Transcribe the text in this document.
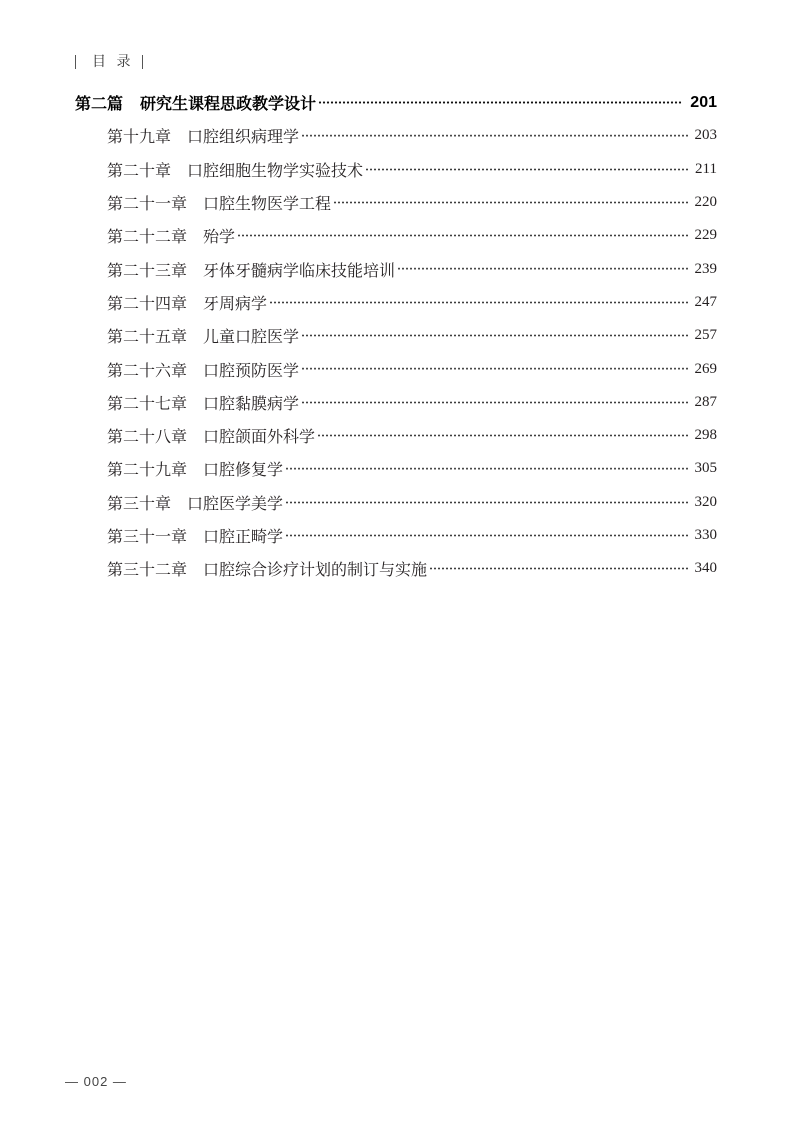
目 录
第二篇 研究生课程思政教学设计	201
第十九章 口腔组织病理学	203
第二十章 口腔细胞生物学实验技术	211
第二十一章 口腔生物医学工程	220
第二十二章 殆学	229
第二十三章 牙体牙髓病学临床技能培训	239
第二十四章 牙周病学	247
第二十五章 儿童口腔医学	257
第二十六章 口腔预防医学	269
第二十七章 口腔黏膜病学	287
第二十八章 口腔颌面外科学	298
第二十九章 口腔修复学	305
第三十章 口腔医学美学	320
第三十一章 口腔正畸学	330
第三十二章 口腔综合诊疗计划的制订与实施	340
— 002 —
